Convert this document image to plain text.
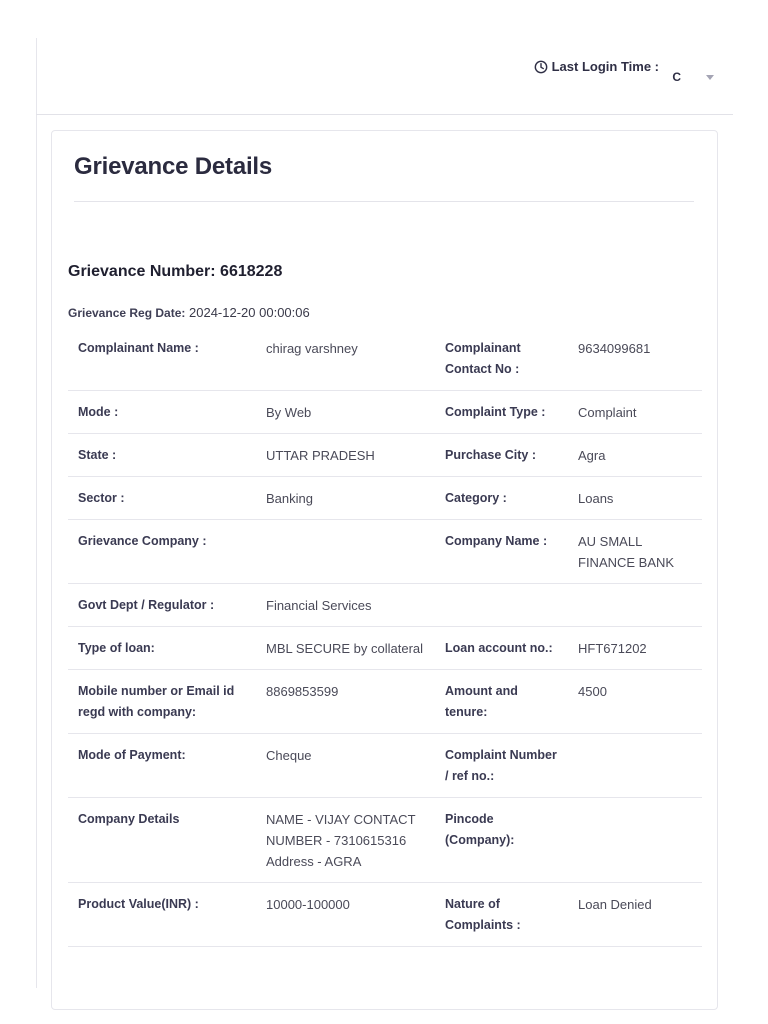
Last Login Time :
C
Grievance Details
Grievance Number: 6618228
Grievance Reg Date: 2024-12-20 00:00:06
Complainant Name :	chirag varshney	Complainant Contact No :	9634099681
Mode :	By Web	Complaint Type :	Complaint
State :	UTTAR PRADESH	Purchase City :	Agra
Sector :	Banking	Category :	Loans
Grievance Company :		Company Name :	AU SMALL FINANCE BANK
Govt Dept / Regulator :	Financial Services		
Type of loan:	MBL SECURE by collateral	Loan account no.:	HFT671202
Mobile number or Email id regd with company:	8869853599	Amount and tenure:	4500
Mode of Payment:	Cheque	Complaint Number / ref no.:	
Company Details	NAME - VIJAY CONTACT NUMBER - 7310615316 Address - AGRA	Pincode (Company):	
Product Value(INR) :	10000-100000	Nature of Complaints :	Loan Denied
